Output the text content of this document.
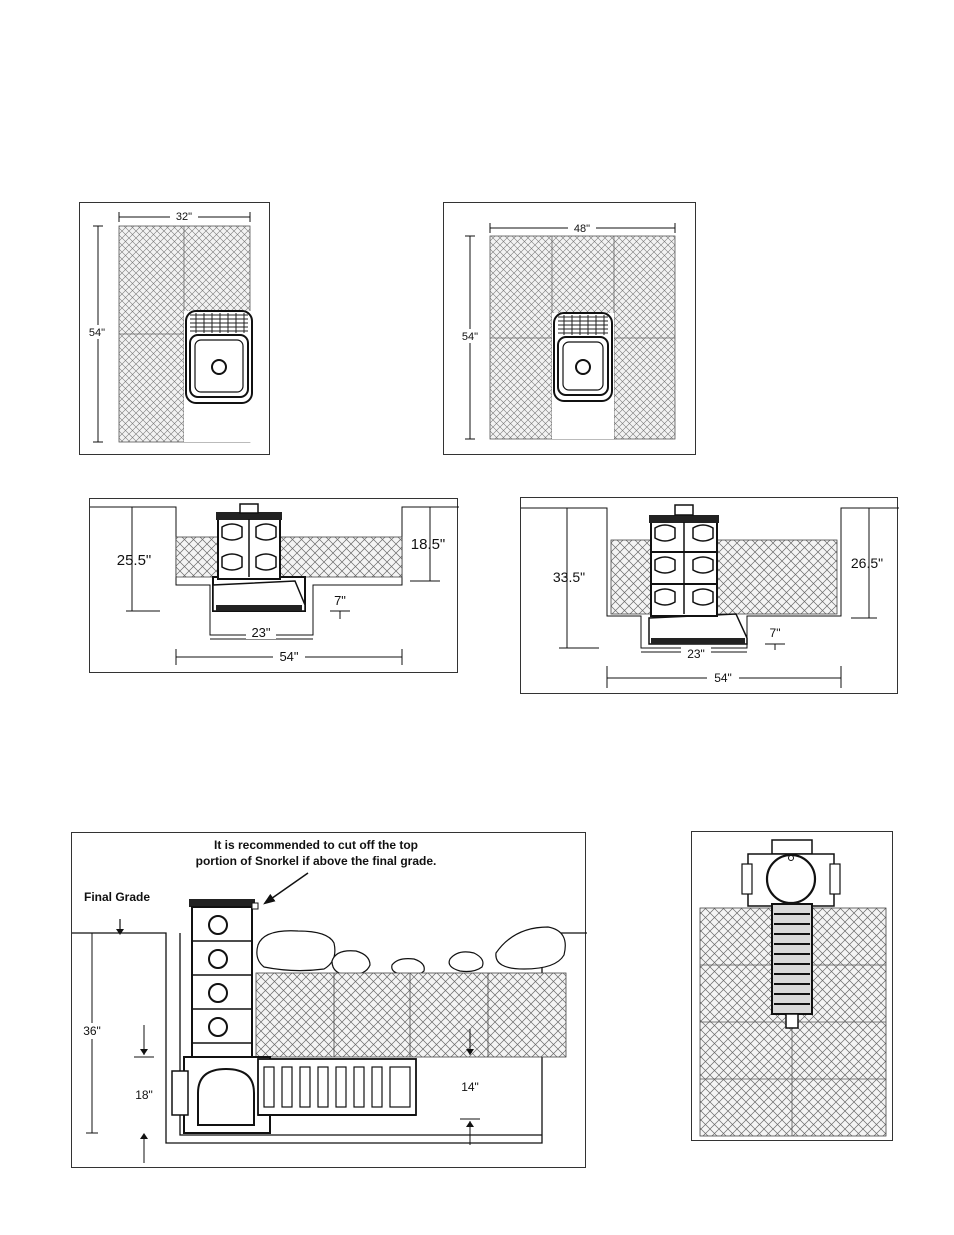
32"
54"
48"
54"
25.5"
18.5"
7"
23"
54"
33.5"
26.5"
7"
23"
54"
It is recommended to cut off the top
portion of Snorkel if above the final grade.
Final Grade
36"
18"
14"
